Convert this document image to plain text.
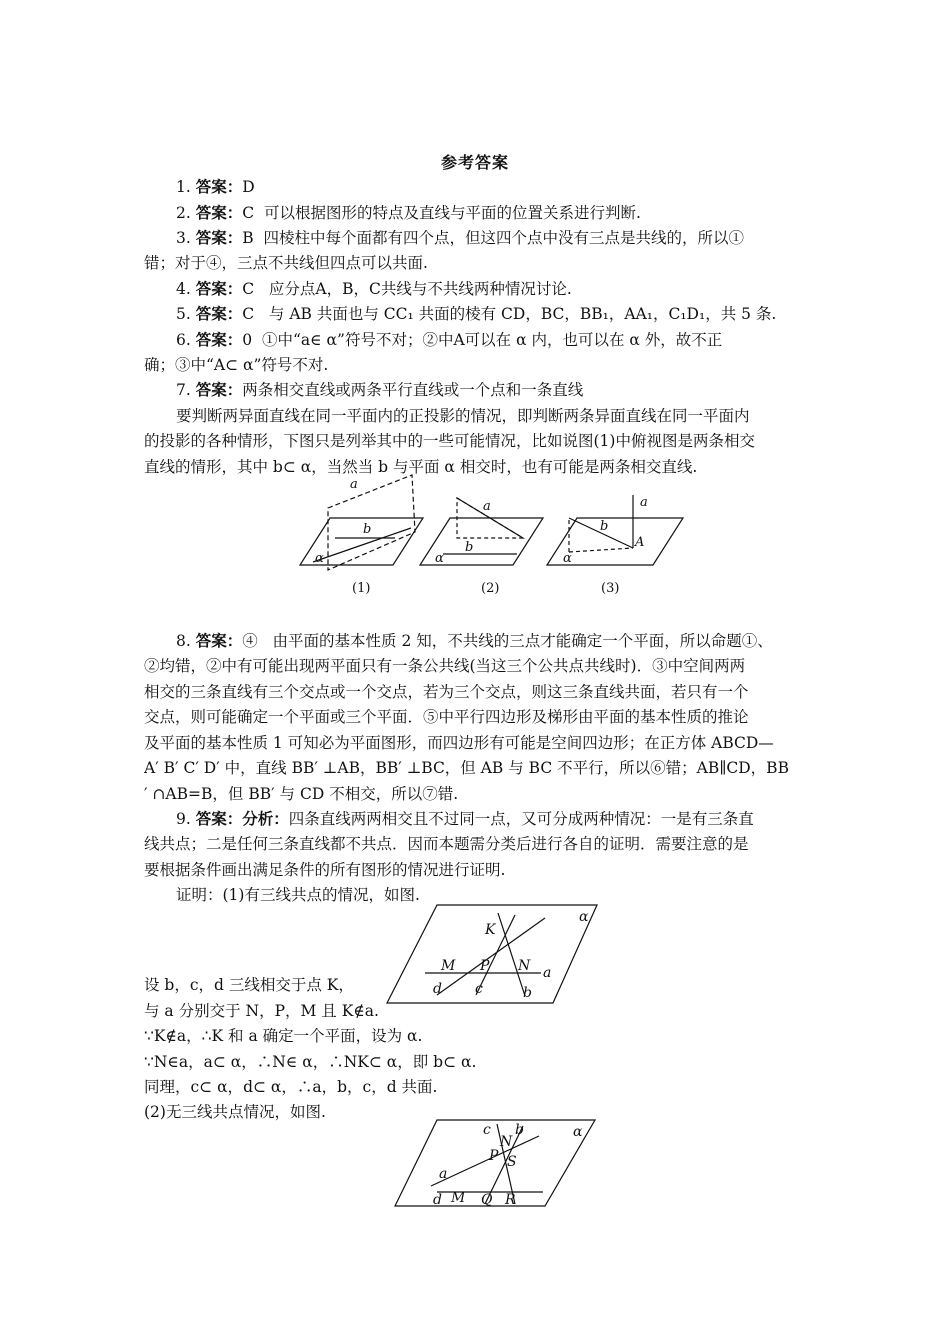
参考答案
1. 答案：D
2. 答案：C 可以根据图形的特点及直线与平面的位置关系进行判断.
3. 答案：B 四棱柱中每个面都有四个点，但这四个点中没有三点是共线的，所以①
错；对于④，三点不共线但四点可以共面.
4. 答案：C 应分点A，B，C共线与不共线两种情况讨论.
5. 答案：C 与 AB 共面也与 CC₁ 共面的棱有 CD，BC，BB₁，AA₁，C₁D₁，共 5 条.
6. 答案：0 ①中“a∈ α”符号不对；②中A可以在 α 内，也可以在 α 外，故不正
确；③中“A⊂ α”符号不对.
7. 答案：两条相交直线或两条平行直线或一个点和一条直线
要判断两异面直线在同一平面内的正投影的情况，即判断两条异面直线在同一平面内
的投影的各种情形，下图只是列举其中的一些可能情况，比如说图(1)中俯视图是两条相交
直线的情形，其中 b⊂ α，当然当 b 与平面 α 相交时，也有可能是两条相交直线.
a
b
α
a
b
α
a
b
A
α
(1)	(2)	(3)
8. 答案：④ 由平面的基本性质 2 知，不共线的三点才能确定一个平面，所以命题①、
②均错，②中有可能出现两平面只有一条公共线(当这三个公共点共线时)．③中空间两两
相交的三条直线有三个交点或一个交点，若为三个交点，则这三条直线共面，若只有一个
交点，则可能确定一个平面或三个平面．⑤中平行四边形及梯形由平面的基本性质的推论
及平面的基本性质 1 可知必为平面图形，而四边形有可能是空间四边形；在正方体 ABCD—
A′ B′ C′ D′ 中，直线 BB′ ⊥AB，BB′ ⊥BC，但 AB 与 BC 不平行，所以⑥错；AB∥CD，BB
′ ∩AB=B，但 BB′ 与 CD 不相交，所以⑦错.
9. 答案：分析：四条直线两两相交且不过同一点，又可分成两种情况：一是有三条直
线共点；二是任何三条直线都不共点．因而本题需分类后进行各自的证明．需要注意的是
要根据条件画出满足条件的所有图形的情况进行证明.
证明：(1)有三线共点的情况，如图.
α
K
M P N a
d c	b
设 b，c，d 三线相交于点 K，
与 a 分别交于 N，P，M 且 K∉a.
∵K∉a，∴K 和 a 确定一个平面，设为 α.
∵N∈a，a⊂ α，∴N∈ α，∴NK⊂ α，即 b⊂ α.
同理，c⊂ α，d⊂ α，∴a，b，c，d 共面.
(2)无三线共点情况，如图.
α
c
N
b
P S
a
d M Q R
